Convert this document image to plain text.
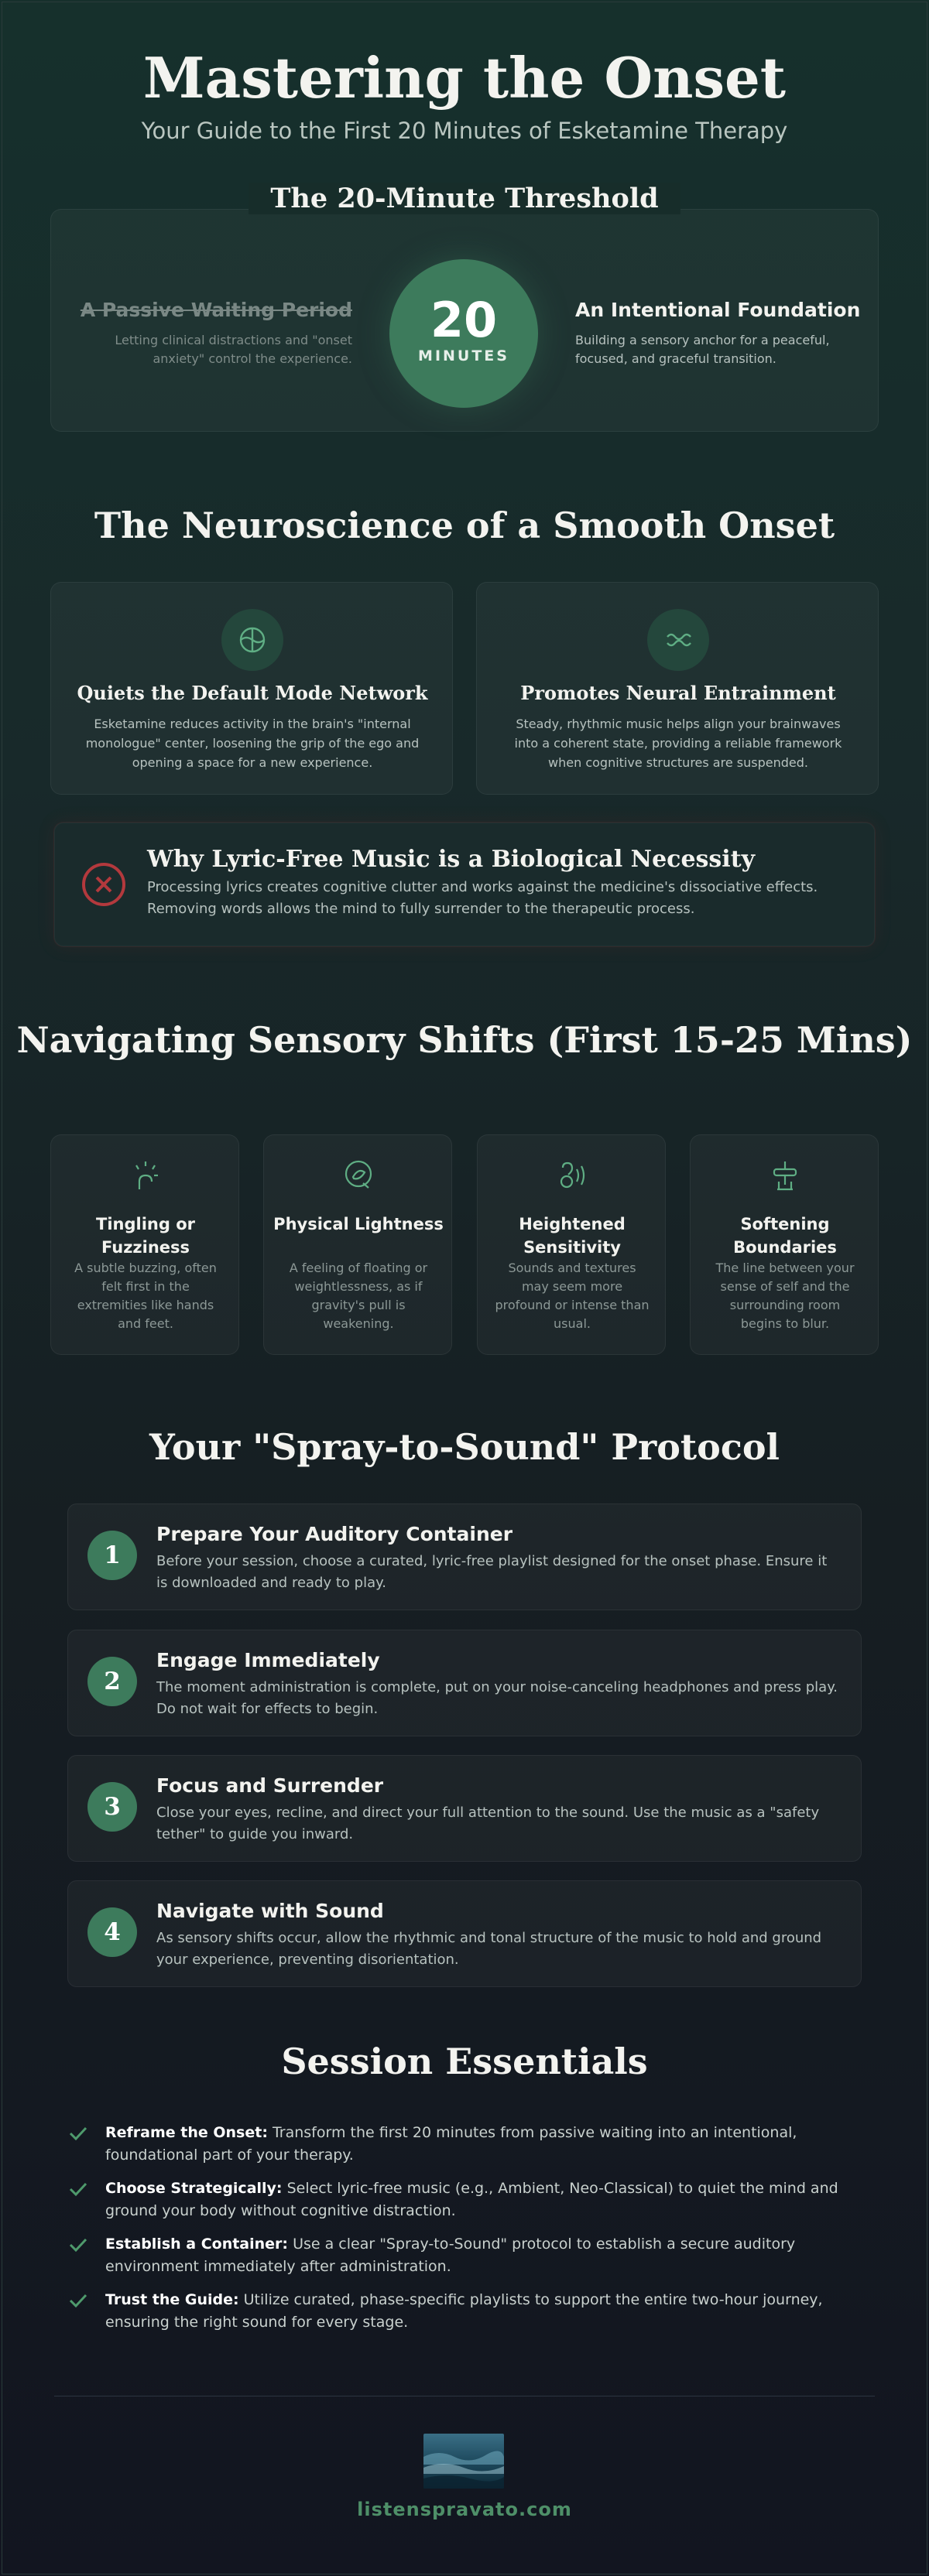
Mastering the Onset
Your Guide to the First 20 Minutes of Esketamine Therapy
The 20-Minute Threshold
A Passive Waiting Period
Letting clinical distractions and "onset anxiety" control the experience.
20
MINUTES
An Intentional Foundation
Building a sensory anchor for a peaceful, focused, and graceful transition.
The Neuroscience of a Smooth Onset
Quiets the Default Mode Network
Esketamine reduces activity in the brain's "internal monologue" center, loosening the grip of the ego and opening a space for a new experience.
Promotes Neural Entrainment
Steady, rhythmic music helps align your brainwaves into a coherent state, providing a reliable framework when cognitive structures are suspended.
Why Lyric-Free Music is a Biological Necessity
Processing lyrics creates cognitive clutter and works against the medicine's dissociative effects. Removing words allows the mind to fully surrender to the therapeutic process.
Navigating Sensory Shifts (First 15-25 Mins)
Tingling or Fuzziness
A subtle buzzing, often felt first in the extremities like hands and feet.
Physical Lightness
A feeling of floating or weightlessness, as if gravity's pull is weakening.
Heightened Sensitivity
Sounds and textures may seem more profound or intense than usual.
Softening Boundaries
The line between your sense of self and the surrounding room begins to blur.
Your "Spray-to-Sound" Protocol
1
Prepare Your Auditory Container
Before your session, choose a curated, lyric-free playlist designed for the onset phase. Ensure it is downloaded and ready to play.
2
Engage Immediately
The moment administration is complete, put on your noise-canceling headphones and press play. Do not wait for effects to begin.
3
Focus and Surrender
Close your eyes, recline, and direct your full attention to the sound. Use the music as a "safety tether" to guide you inward.
4
Navigate with Sound
As sensory shifts occur, allow the rhythmic and tonal structure of the music to hold and ground your experience, preventing disorientation.
Session Essentials
Reframe the Onset: Transform the first 20 minutes from passive waiting into an intentional, foundational part of your therapy.
Choose Strategically: Select lyric-free music (e.g., Ambient, Neo-Classical) to quiet the mind and ground your body without cognitive distraction.
Establish a Container: Use a clear "Spray-to-Sound" protocol to establish a secure auditory environment immediately after administration.
Trust the Guide: Utilize curated, phase-specific playlists to support the entire two-hour journey, ensuring the right sound for every stage.
listenspravato.com
